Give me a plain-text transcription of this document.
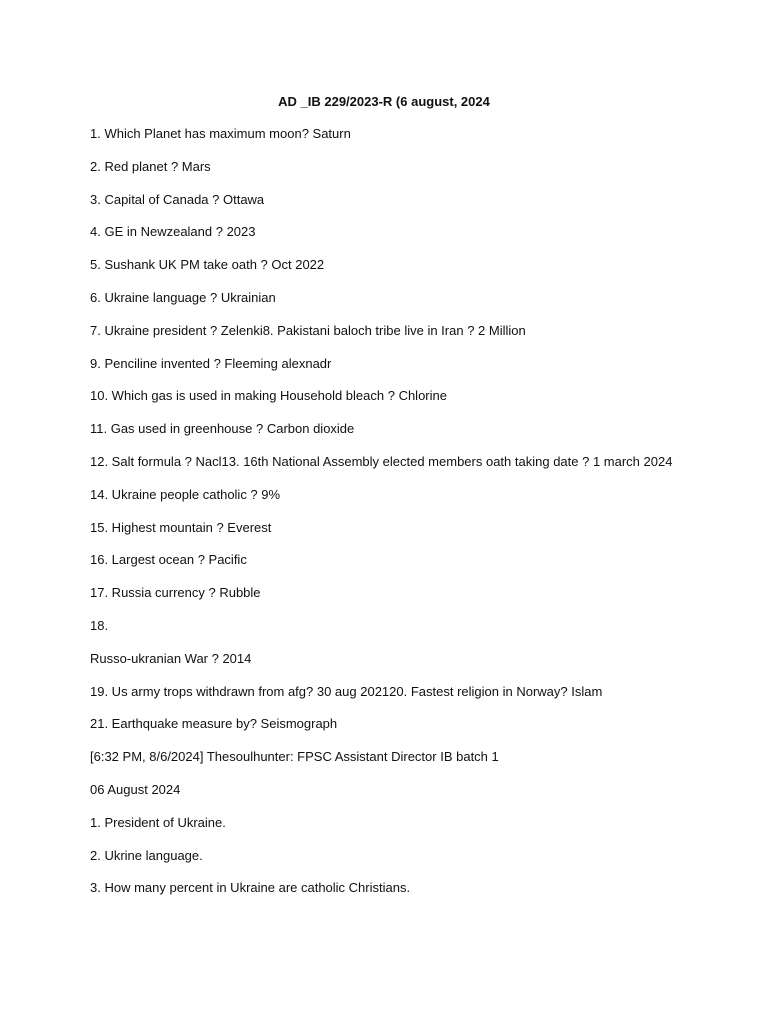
AD _IB 229/2023-R (6 august, 2024
1. Which Planet has maximum moon? Saturn
2. Red planet ? Mars
3. Capital of Canada ? Ottawa
4. GE in Newzealand ? 2023
5. Sushank UK PM take oath ? Oct 2022
6. Ukraine language ? Ukrainian
7. Ukraine president ? Zelenki8. Pakistani baloch tribe live in Iran ? 2 Million
9. Penciline invented ? Fleeming alexnadr
10. Which gas is used in making Household bleach ? Chlorine
11. Gas used in greenhouse ? Carbon dioxide
12. Salt formula ? Nacl13. 16th National Assembly elected members oath taking date ? 1 march 2024
14. Ukraine people catholic ? 9%
15. Highest mountain ? Everest
16. Largest ocean ? Pacific
17. Russia currency ? Rubble
18.
Russo-ukranian War ? 2014
19. Us army trops withdrawn from afg? 30 aug 202120. Fastest religion in Norway? Islam
21. Earthquake measure by? Seismograph
[6:32 PM, 8/6/2024] Thesoulhunter: FPSC Assistant Director IB batch 1
06 August 2024
1. President of Ukraine.
2. Ukrine language.
3. How many percent in Ukraine are catholic Christians.
